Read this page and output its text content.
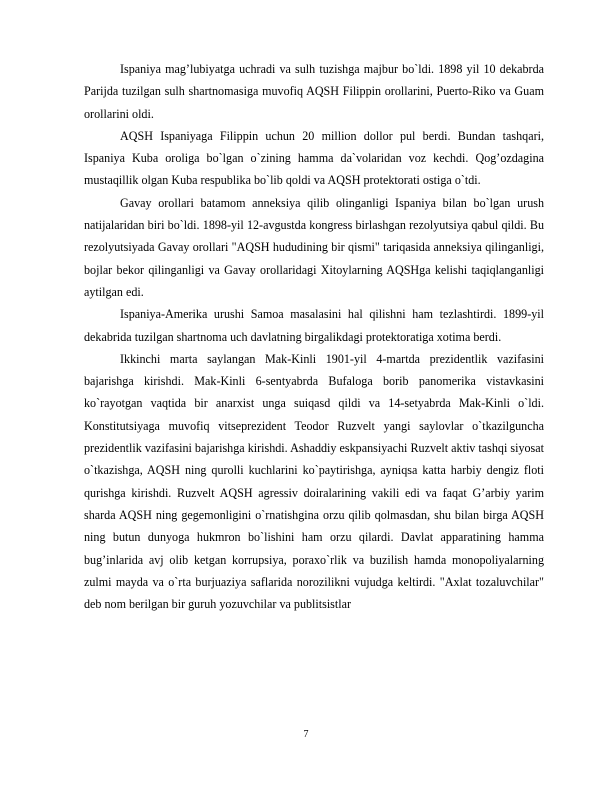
Ispaniya mag’lubiyatga uchradi va sulh tuzishga majbur bo`ldi. 1898 yil 10 dekabrda Parijda tuzilgan sulh shartnomasiga muvofiq AQSH Filippin orollarini, Puerto-Riko va Guam orollarini oldi.

AQSH Ispaniyaga Filippin uchun 20 million dollor pul berdi. Bundan tashqari, Ispaniya Kuba oroliga bo`lgan o`zining hamma da`volaridan voz kechdi. Qog’ozdagina mustaqillik olgan Kuba respublika bo`lib qoldi va AQSH protektorati ostiga o`tdi.

Gavay orollari batamom anneksiya qilib olinganligi Ispaniya bilan bo`lgan urush natijalaridan biri bo`ldi. 1898-yil 12-avgustda kongress birlashgan rezolyutsiya qabul qildi. Bu rezolyutsiyada Gavay orollari "AQSH hududining bir qismi" tariqasida anneksiya qilinganligi, bojlar bekor qilinganligi va Gavay orollaridagi Xitoylarning AQSHga kelishi taqiqlanganligi aytilgan edi.

Ispaniya-Amerika urushi Samoa masalasini hal qilishni ham tezlashtirdi. 1899-yil dekabrida tuzilgan shartnoma uch davlatning birgalikdagi protektoratiga xotima berdi.

Ikkinchi marta saylangan Mak-Kinli 1901-yil 4-martda prezidentlik vazifasini bajarishga kirishdi. Mak-Kinli 6-sentyabrda Bufaloga borib panomerika vistavkasini ko`rayotgan vaqtida bir anarxist unga suiqasd qildi va 14-setyabrda Mak-Kinli o`ldi. Konstitutsiyaga muvofiq vitseprezident Teodor Ruzvelt yangi saylovlar o`tkazilguncha prezidentlik vazifasini bajarishga kirishdi. Ashaddiy eskpansiyachi Ruzvelt aktiv tashqi siyosat o`tkazishga, AQSH ning qurolli kuchlarini ko`paytirishga, ayniqsa katta harbiy dengiz floti qurishga kirishdi. Ruzvelt AQSH agressiv doiralarining vakili edi va faqat G’arbiy yarim sharda AQSH ning gegemonligini o`rnatishgina orzu qilib qolmasdan, shu bilan birga AQSH ning butun dunyoga hukmron bo`lishini ham orzu qilardi. Davlat apparatining hamma bug’inlarida avj olib ketgan korrupsiya, poraxo`rlik va buzilish hamda monopoliyalarning zulmi mayda va o`rta burjuaziya saflarida norozilikni vujudga keltirdi. "Axlat tozaluvchilar" deb nom berilgan bir guruh yozuvchilar va publitsistlar

7
